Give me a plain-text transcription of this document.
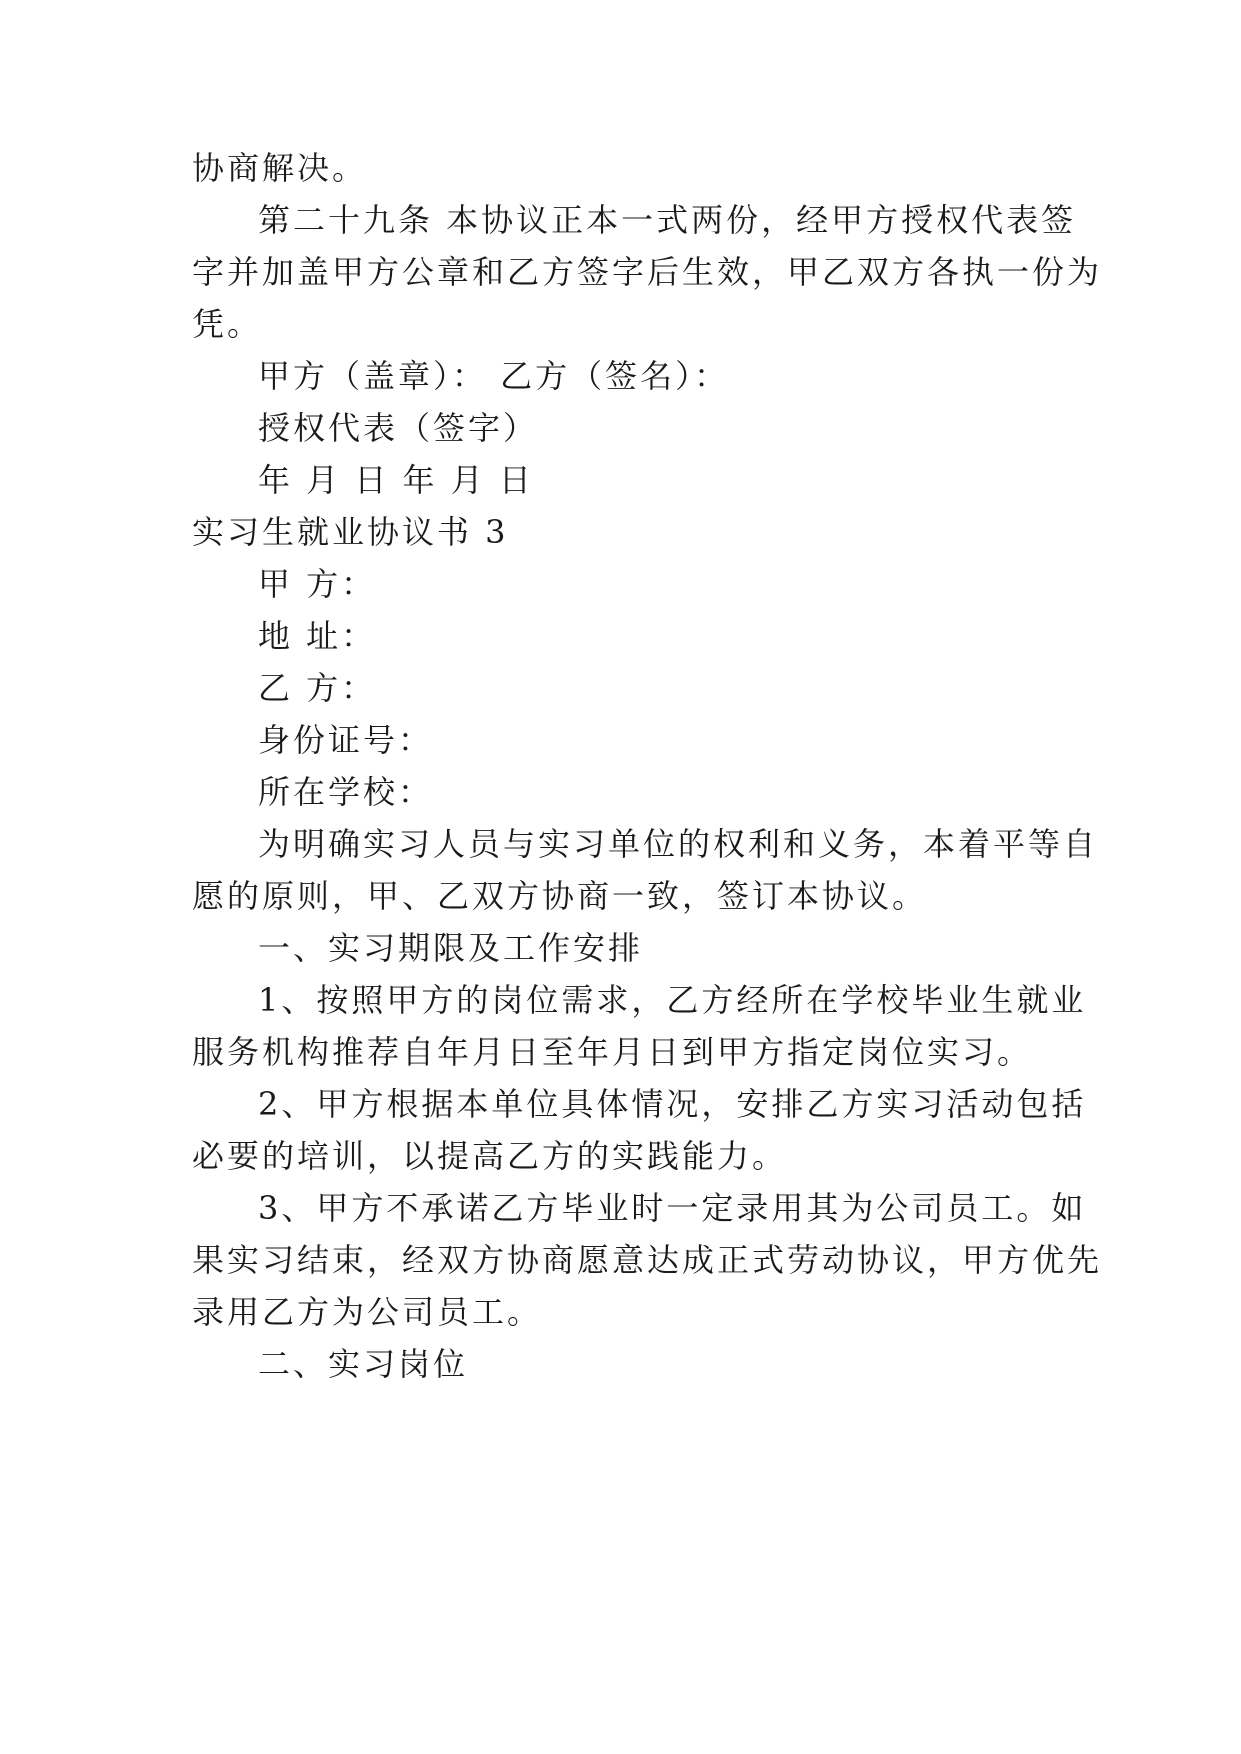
协商解决。
第二十九条 本协议正本一式两份，经甲方授权代表签
字并加盖甲方公章和乙方签字后生效，甲乙双方各执一份为
凭。
甲方（盖章）： 乙方（签名）：
授权代表（签字）
年 月 日 年 月 日
实习生就业协议书 3
甲 方：
地 址：
乙 方：
身份证号：
所在学校：
为明确实习人员与实习单位的权利和义务，本着平等自
愿的原则，甲、乙双方协商一致，签订本协议。
一、实习期限及工作安排
1、按照甲方的岗位需求，乙方经所在学校毕业生就业
服务机构推荐自年月日至年月日到甲方指定岗位实习。
2、甲方根据本单位具体情况，安排乙方实习活动包括
必要的培训，以提高乙方的实践能力。
3、甲方不承诺乙方毕业时一定录用其为公司员工。如
果实习结束，经双方协商愿意达成正式劳动协议，甲方优先
录用乙方为公司员工。
二、实习岗位
